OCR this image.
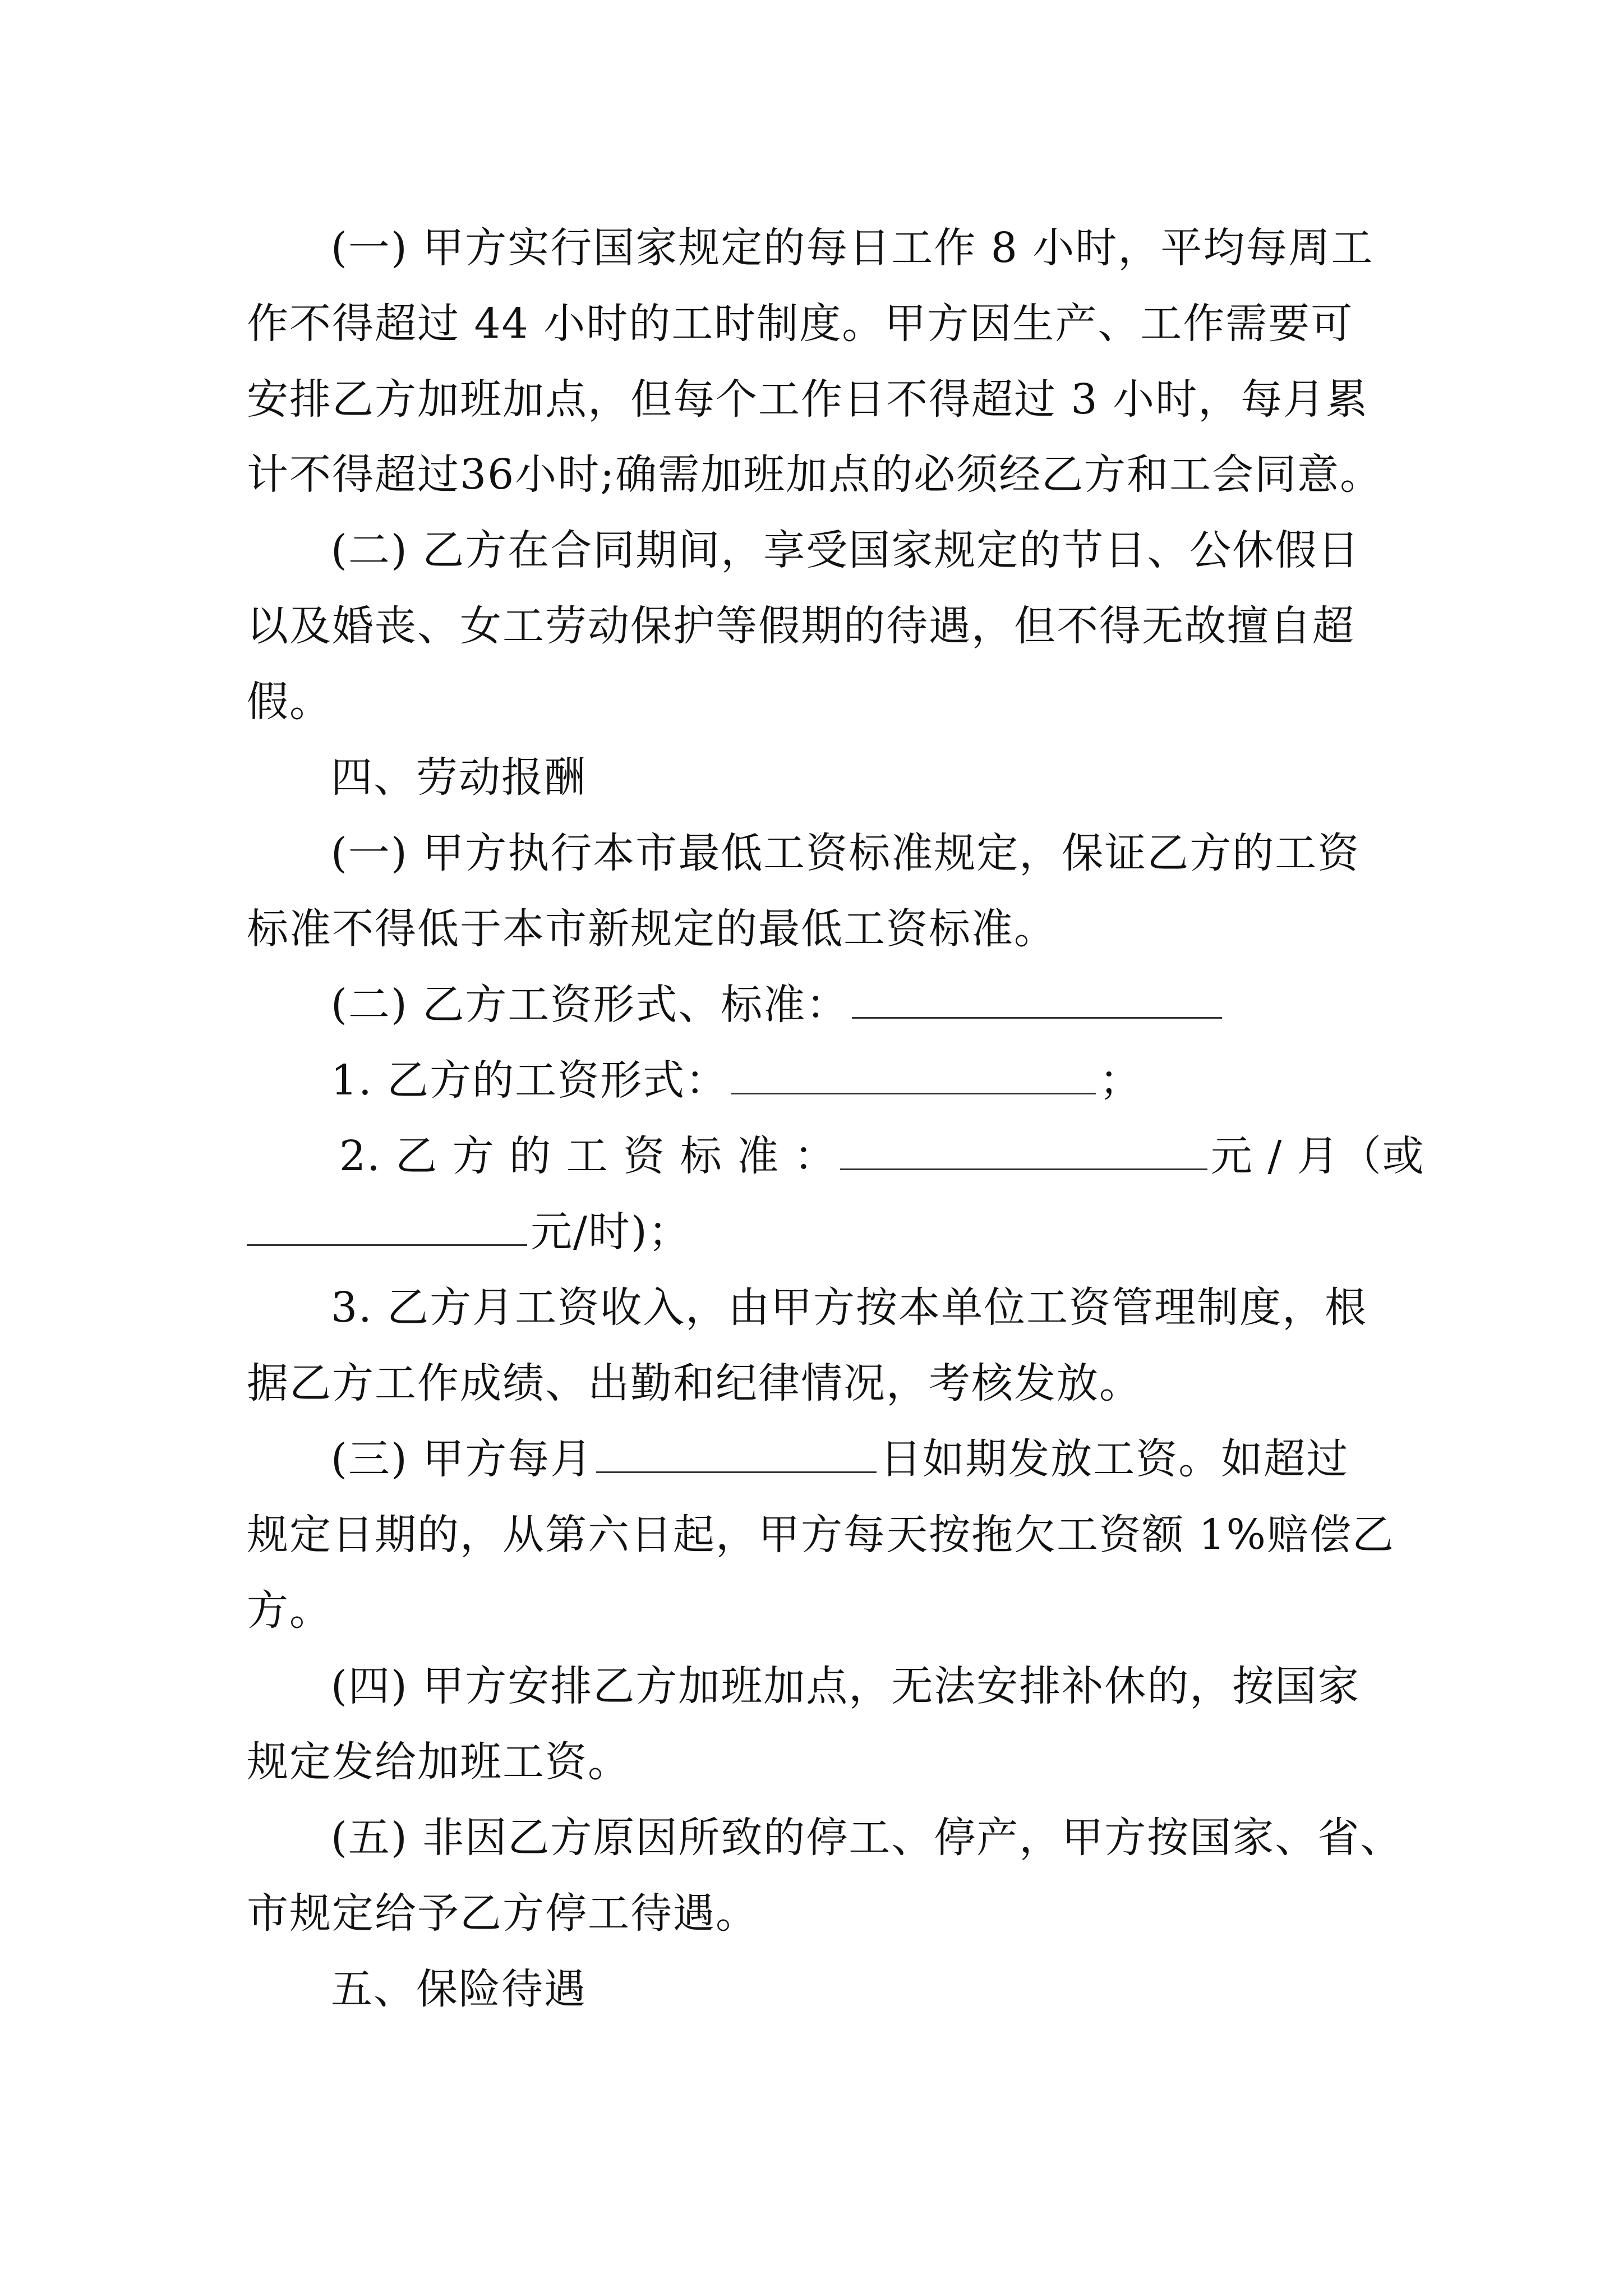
(一) 甲方实行国家规定的每日工作 8 小时，平均每周工
作不得超过 44 小时的工时制度。甲方因生产、工作需要可
安排乙方加班加点，但每个工作日不得超过 3 小时，每月累
计不得超过36小时;确需加班加点的必须经乙方和工会同意。
(二) 乙方在合同期间，享受国家规定的节日、公休假日
以及婚丧、女工劳动保护等假期的待遇，但不得无故擅自超
假。
四、劳动报酬
(一) 甲方执行本市最低工资标准规定，保证乙方的工资
标准不得低于本市新规定的最低工资标准。
(二) 乙方工资形式、标准：
1. 乙方的工资形式：	；
2. 乙 方 的 工 资 标 准 ：	元 / 月（或
元/时)；
3. 乙方月工资收入，由甲方按本单位工资管理制度，根
据乙方工作成绩、出勤和纪律情况，考核发放。
(三) 甲方每月	日如期发放工资。如超过
规定日期的，从第六日起，甲方每天按拖欠工资额 1%赔偿乙
方。
(四) 甲方安排乙方加班加点，无法安排补休的，按国家
规定发给加班工资。
(五) 非因乙方原因所致的停工、停产，甲方按国家、省、
市规定给予乙方停工待遇。
五、保险待遇
